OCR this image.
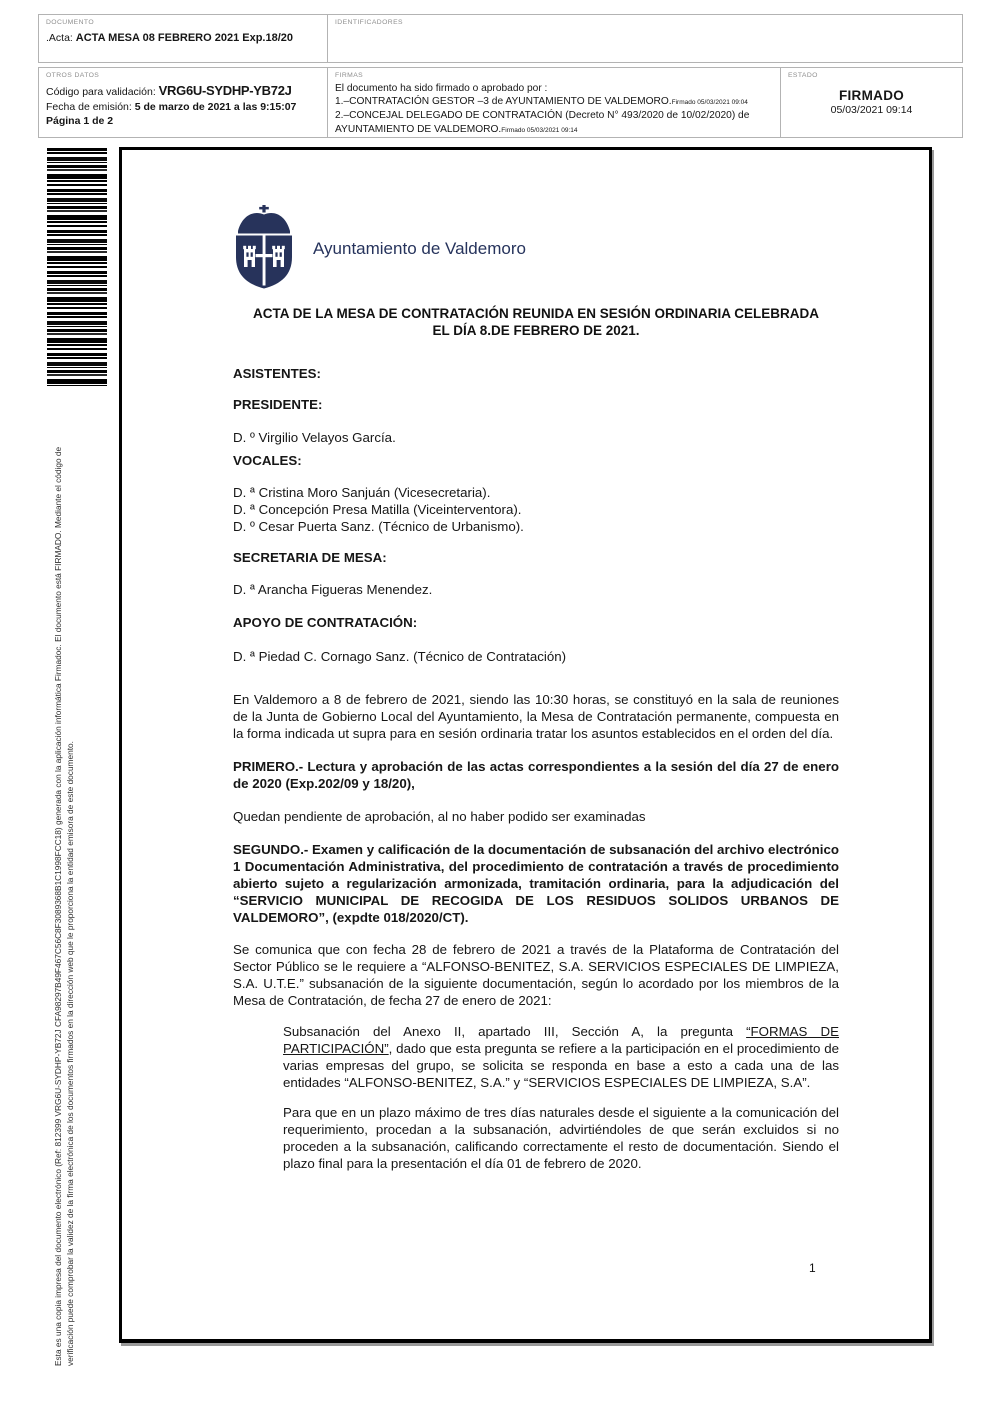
DOCUMENTO
.Acta: ACTA MESA 08 FEBRERO 2021 Exp.18/20
IDENTIFICADORES
OTROS DATOS
Código para validación: VRG6U-SYDHP-YB72J
Fecha de emisión: 5 de marzo de 2021 a las 9:15:07
Página 1 de 2
FIRMAS
El documento ha sido firmado o aprobado por :
1.–CONTRATACIÓN GESTOR –3 de AYUNTAMIENTO DE VALDEMORO.Firmado 05/03/2021 09:04
2.–CONCEJAL DELEGADO DE CONTRATACIÓN (Decreto N° 493/2020 de 10/02/2020) de AYUNTAMIENTO DE VALDEMORO.Firmado 05/03/2021 09:14
ESTADO
FIRMADO
05/03/2021 09:14
Esta es una copia impresa del documento electrónico (Ref: 812399 VRG6U-SYDHP-YB72J CFA98297B49F467C56C8F3089368B1C1998FCC18) generada con la aplicación informática Firmadoc. El documento está FIRMADO. Mediante el código de verificación puede comprobar la validez de la firma electrónica de los documentos firmados en la dirección web que le proporciona la entidad emisora de este documento.
Ayuntamiento de Valdemoro
ACTA DE LA MESA DE CONTRATACIÓN REUNIDA EN SESIÓN ORDINARIA CELEBRADA
EL DÍA 8.DE FEBRERO DE 2021.
ASISTENTES:
PRESIDENTE:
D. º Virgilio Velayos García.
VOCALES:
D. ª Cristina Moro Sanjuán (Vicesecretaria).
D. ª Concepción Presa Matilla (Viceinterventora).
D. º Cesar Puerta Sanz. (Técnico de Urbanismo).
SECRETARIA DE MESA:
D. ª Arancha Figueras Menendez.
APOYO DE CONTRATACIÓN:
D. ª Piedad C. Cornago Sanz. (Técnico de Contratación)
En Valdemoro a 8 de febrero de 2021, siendo las 10:30 horas, se constituyó en la sala de reuniones de la Junta de Gobierno Local del Ayuntamiento, la Mesa de Contratación permanente, compuesta en la forma indicada ut supra para en sesión ordinaria tratar los asuntos establecidos en el orden del día.
PRIMERO.- Lectura y aprobación de las actas correspondientes a la sesión del día 27 de enero de 2020 (Exp.202/09 y 18/20),
Quedan pendiente de aprobación, al no haber podido ser examinadas
SEGUNDO.- Examen y calificación de la documentación de subsanación del archivo electrónico 1 Documentación Administrativa, del procedimiento de contratación a través de procedimiento abierto sujeto a regularización armonizada, tramitación ordinaria, para la adjudicación del “SERVICIO MUNICIPAL DE RECOGIDA DE LOS RESIDUOS SOLIDOS URBANOS DE VALDEMORO”, (expdte 018/2020/CT).
Se comunica que con fecha 28 de febrero de 2021 a través de la Plataforma de Contratación del Sector Público se le requiere a “ALFONSO-BENITEZ, S.A. SERVICIOS ESPECIALES DE LIMPIEZA, S.A. U.T.E.” subsanación de la siguiente documentación, según lo acordado por los miembros de la Mesa de Contratación, de fecha 27 de enero de 2021:
Subsanación del Anexo II, apartado III, Sección A, la pregunta “FORMAS DE PARTICIPACIÓN”, dado que esta pregunta se refiere a la participación en el procedimiento de varias empresas del grupo, se solicita se responda en base a esto a cada una de las entidades “ALFONSO-BENITEZ, S.A.” y “SERVICIOS ESPECIALES DE LIMPIEZA, S.A”.
Para que en un plazo máximo de tres días naturales desde el siguiente a la comunicación del requerimiento, procedan a la subsanación, advirtiéndoles de que serán excluidos si no proceden a la subsanación, calificando correctamente el resto de documentación. Siendo el plazo final para la presentación el día 01 de febrero de 2020.
1
